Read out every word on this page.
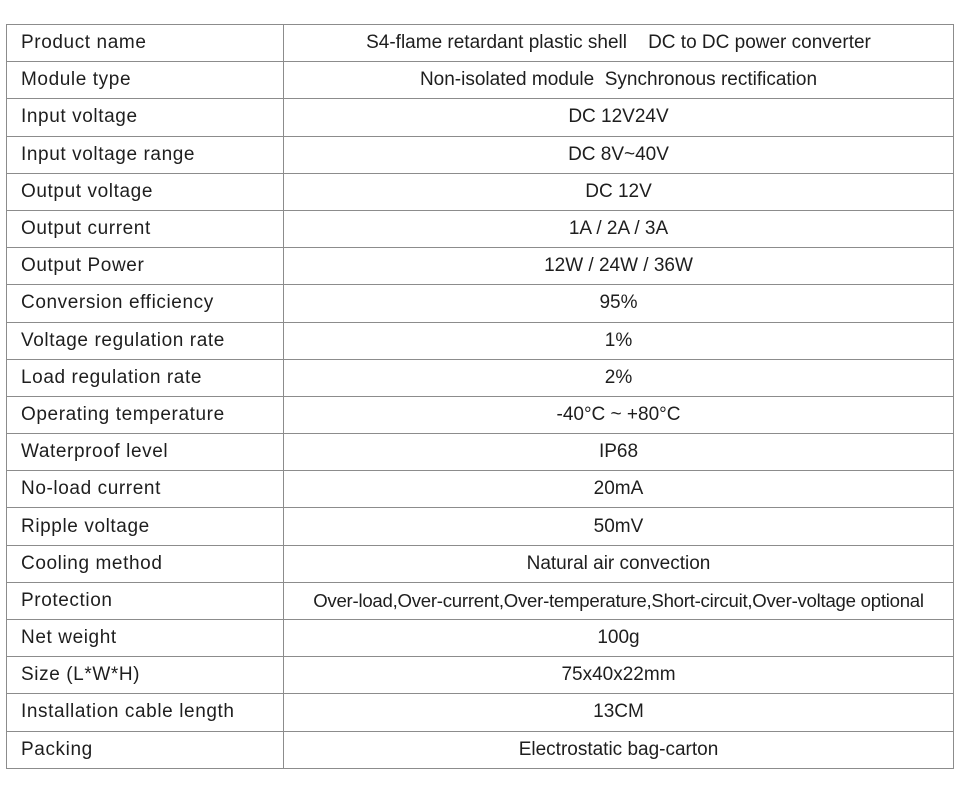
Product name	S4-flame retardant plastic shell    DC to DC power converter
Module type	Non-isolated module  Synchronous rectification
Input voltage	DC 12V24V
Input voltage range	DC 8V~40V
Output voltage	DC 12V
Output current	1A / 2A / 3A
Output Power	12W / 24W / 36W
Conversion efficiency	95%
Voltage regulation rate	1%
Load regulation rate	2%
Operating temperature	-40°C ~ +80°C
Waterproof level	IP68
No-load current	20mA
Ripple voltage	50mV
Cooling method	Natural air convection
Protection	Over-load,Over-current,Over-temperature,Short-circuit,Over-voltage optional
Net weight	100g
Size (L*W*H)	75x40x22mm
Installation cable length	13CM
Packing	Electrostatic bag-carton
